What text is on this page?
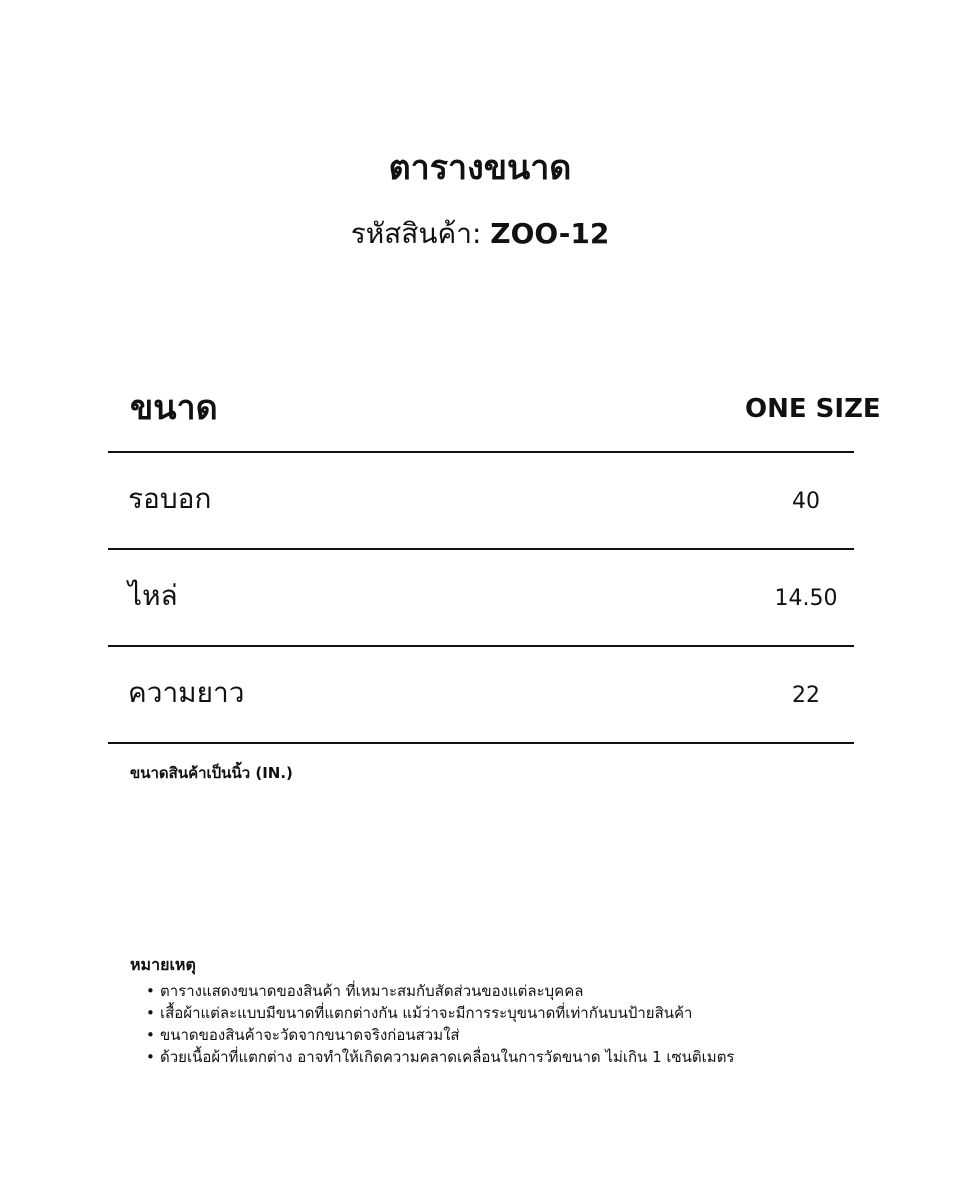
ตารางขนาด
รหัสสินค้า: ZOO-12
ขนาด	ONE SIZE
รอบอก	40
ไหล่	14.50
ความยาว	22
ขนาดสินค้าเป็นนิ้ว (IN.)
หมายเหตุ
• ตารางแสดงขนาดของสินค้า ที่เหมาะสมกับสัดส่วนของแต่ละบุคคล
• เสื้อผ้าแต่ละแบบมีขนาดที่แตกต่างกัน แม้ว่าจะมีการระบุขนาดที่เท่ากันบนป้ายสินค้า
• ขนาดของสินค้าจะวัดจากขนาดจริงก่อนสวมใส่
• ด้วยเนื้อผ้าที่แตกต่าง อาจทำให้เกิดความคลาดเคลื่อนในการวัดขนาด ไม่เกิน 1 เซนติเมตร
